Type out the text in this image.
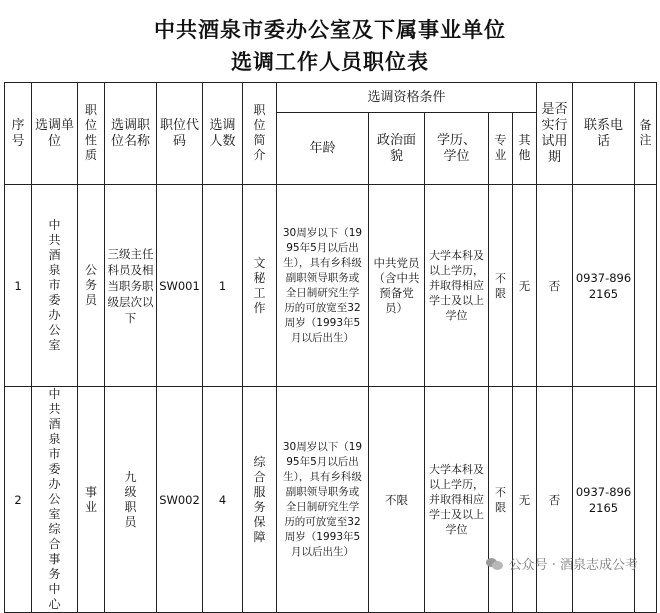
中共酒泉市委办公室及下属事业单位
选调工作人员职位表
序号	选调单位	职位性质	选调职位名称	职位代码	选调人数	职位简介	选调资格条件					是否实行试用期	联系电话	备注
							年龄	政治面貌	学历、学位	专业	其他			
1	中共酒泉市委办公室	公务员	三级主任科员及相当职务职级层次以下	SW001	1	文秘工作	30周岁以下（1995年5月以后出生），具有乡科级副职领导职务或全日制研究生学历的可放宽至32周岁（1993年5月以后出生）	中共党员（含中共预备党员）	大学本科及以上学历，并取得相应学士及以上学位	不限	无	否	0937-8962165	

2	中共酒泉市委办公室综合事务中心	事业	九级职员	SW002	4	综合服务保障	30周岁以下（1995年5月以后出生），具有乡科级副职领导职务或全日制研究生学历的可放宽至32周岁（1993年5月以后出生）	不限	大学本科及以上学历，并取得相应学士及以上学位	不限	无	否	0937-8962165	

公众号 · 酒泉志成公考
